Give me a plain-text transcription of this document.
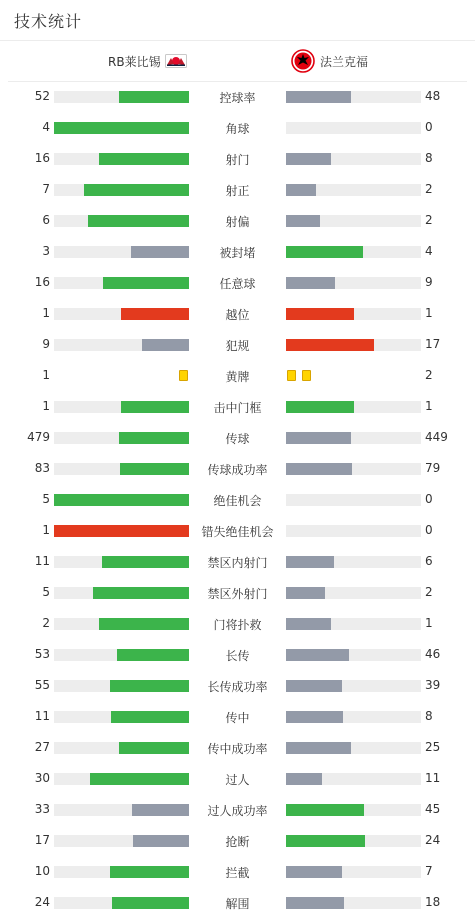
技术统计
RB莱比锡	法兰克福
52	控球率	48
4	角球	0
16	射门	8
7	射正	2
6	射偏	2
3	被封堵	4
16	任意球	9
1	越位	1
9	犯规	17
1	黄牌	2
1	击中门框	1
479	传球	449
83	传球成功率	79
5	绝佳机会	0
1	错失绝佳机会	0
11	禁区内射门	6
5	禁区外射门	2
2	门将扑救	1
53	长传	46
55	长传成功率	39
11	传中	8
27	传中成功率	25
30	过人	11
33	过人成功率	45
17	抢断	24
10	拦截	7
24	解围	18
